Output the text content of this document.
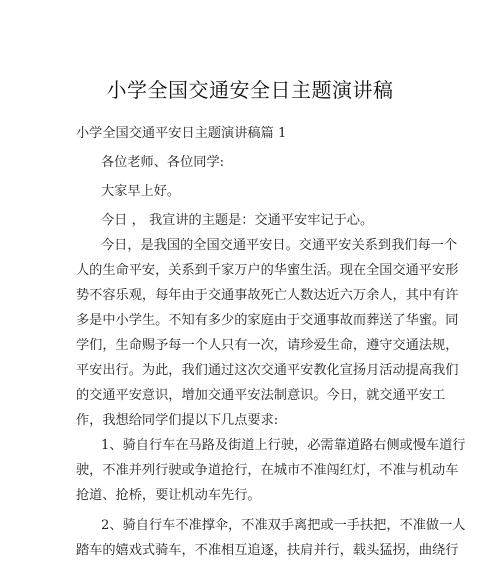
小学全国交通安全日主题演讲稿
小学全国交通平安日主题演讲稿篇 1
各位老师、各位同学:
大家早上好。
今日 ， 我宣讲的主题是：交通平安牢记于心。
今日，是我国的全国交通平安日。交通平安关系到我们每一个
人的生命平安，关系到千家万户的华蜜生活。现在全国交通平安形
势不容乐观，每年由于交通事故死亡人数达近六万余人，其中有许
多是中小学生。不知有多少的家庭由于交通事故而葬送了华蜜。同
学们，生命赐予每一个人只有一次，请珍爱生命，遵守交通法规，
平安出行。为此，我们通过这次交通平安教化宣扬月活动提高我们
的交通平安意识，增加交通平安法制意识。今日，就交通平安工
作，我想给同学们提以下几点要求:
1、骑自行车在马路及街道上行驶，必需靠道路右侧或慢车道行
驶，不准并列行驶或争道抢行，在城市不准闯红灯，不准与机动车
抢道、抢桥，要让机动车先行。
2、骑自行车不准撑伞，不准双手离把或一手扶把，不准做一人
踏车的嬉戏式骑车，不准相互追逐，扶肩并行，载头猛拐，曲绕行
